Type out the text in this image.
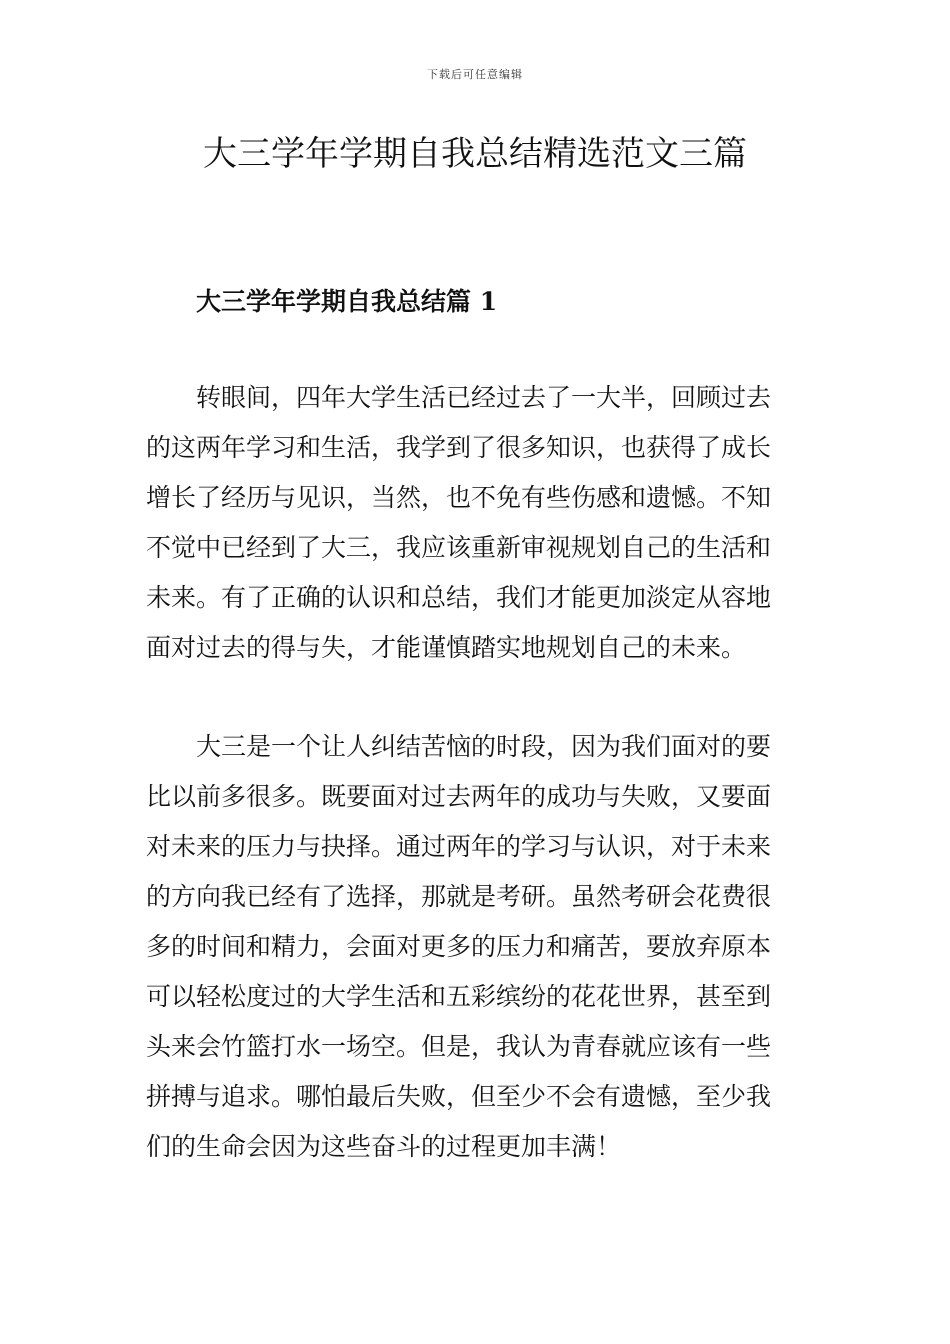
下载后可任意编辑
大三学年学期自我总结精选范文三篇
大三学年学期自我总结篇 1
转眼间，四年大学生活已经过去了一大半，回顾过去
的这两年学习和生活，我学到了很多知识，也获得了成长
增长了经历与见识，当然，也不免有些伤感和遗憾。不知
不觉中已经到了大三，我应该重新审视规划自己的生活和
未来。有了正确的认识和总结，我们才能更加淡定从容地
面对过去的得与失，才能谨慎踏实地规划自己的未来。
大三是一个让人纠结苦恼的时段，因为我们面对的要
比以前多很多。既要面对过去两年的成功与失败，又要面
对未来的压力与抉择。通过两年的学习与认识，对于未来
的方向我已经有了选择，那就是考研。虽然考研会花费很
多的时间和精力，会面对更多的压力和痛苦，要放弃原本
可以轻松度过的大学生活和五彩缤纷的花花世界，甚至到
头来会竹篮打水一场空。但是，我认为青春就应该有一些
拼搏与追求。哪怕最后失败，但至少不会有遗憾，至少我
们的生命会因为这些奋斗的过程更加丰满！
